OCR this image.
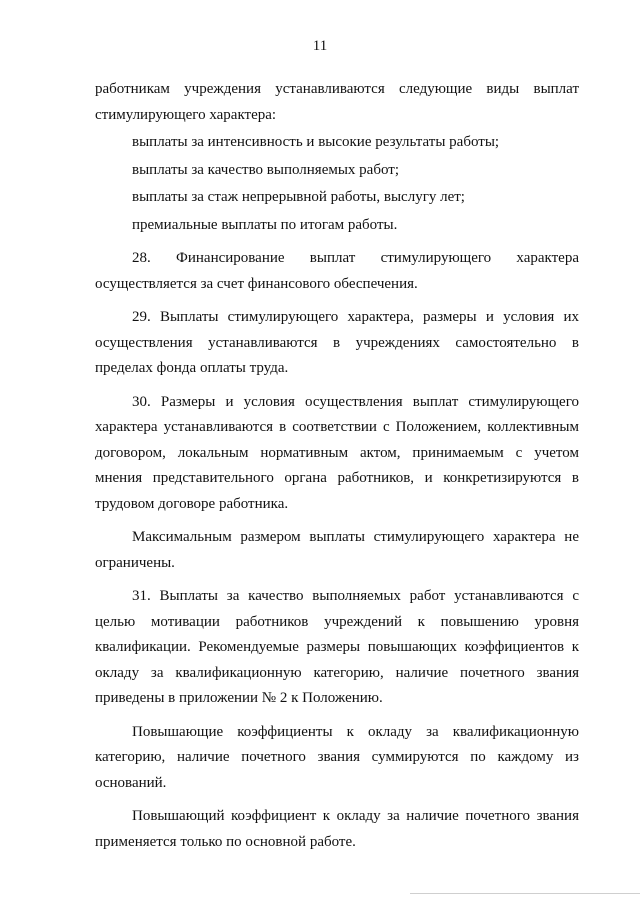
11

работникам учреждения устанавливаются следующие виды выплат стимулирующего характера:

выплаты за интенсивность и высокие результаты работы;

выплаты за качество выполняемых работ;

выплаты за стаж непрерывной работы, выслугу лет;

премиальные выплаты по итогам работы.

28. Финансирование выплат стимулирующего характера осуществляется за счет финансового обеспечения.

29. Выплаты стимулирующего характера, размеры и условия их осуществления устанавливаются в учреждениях самостоятельно в пределах фонда оплаты труда.

30. Размеры и условия осуществления выплат стимулирующего характера устанавливаются в соответствии с Положением, коллективным договором, локальным нормативным актом, принимаемым с учетом мнения представительного органа работников, и конкретизируются в трудовом договоре работника.

Максимальным размером выплаты стимулирующего характера не ограничены.

31. Выплаты за качество выполняемых работ устанавливаются с целью мотивации работников учреждений к повышению уровня квалификации. Рекомендуемые размеры повышающих коэффициентов к окладу за квалификационную категорию, наличие почетного звания приведены в приложении № 2 к Положению.

Повышающие коэффициенты к окладу за квалификационную категорию, наличие почетного звания суммируются по каждому из оснований.

Повышающий коэффициент к окладу за наличие почетного звания применяется только по основной работе.
